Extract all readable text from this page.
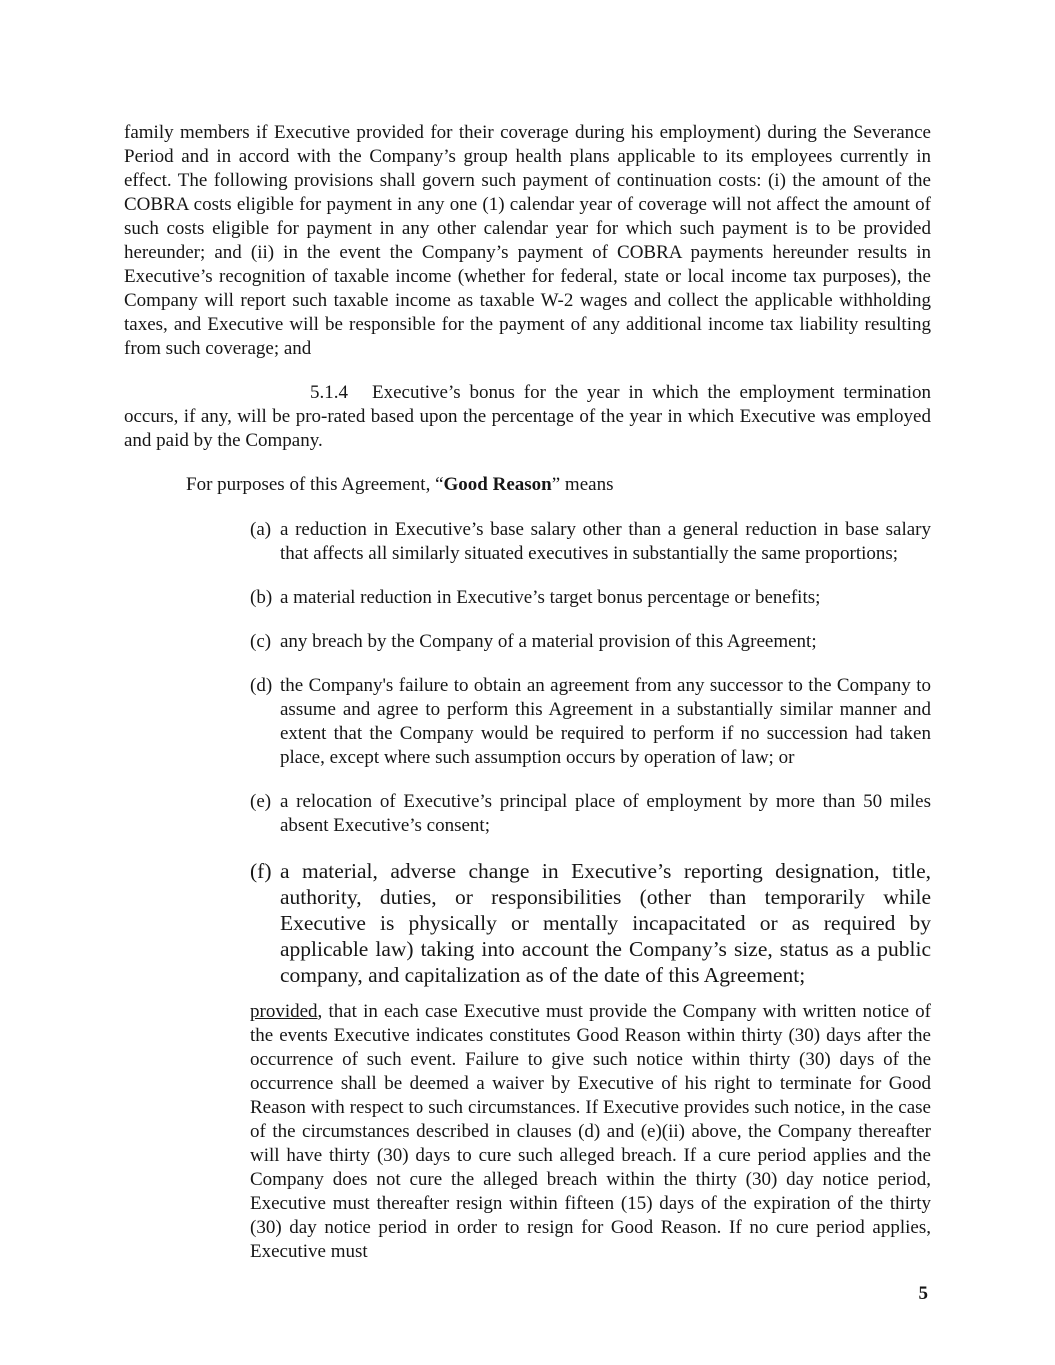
family members if Executive provided for their coverage during his employment) during the Severance Period and in accord with the Company’s group health plans applicable to its employees currently in effect. The following provisions shall govern such payment of continuation costs: (i) the amount of the COBRA costs eligible for payment in any one (1) calendar year of coverage will not affect the amount of such costs eligible for payment in any other calendar year for which such payment is to be provided hereunder; and (ii) in the event the Company’s payment of COBRA payments hereunder results in Executive’s recognition of taxable income (whether for federal, state or local income tax purposes), the Company will report such taxable income as taxable W-2 wages and collect the applicable withholding taxes, and Executive will be responsible for the payment of any additional income tax liability resulting from such coverage; and

5.1.4 Executive’s bonus for the year in which the employment termination occurs, if any, will be pro-rated based upon the percentage of the year in which Executive was employed and paid by the Company.

For purposes of this Agreement, “Good Reason” means

(a) a reduction in Executive’s base salary other than a general reduction in base salary that affects all similarly situated executives in substantially the same proportions;
(b) a material reduction in Executive’s target bonus percentage or benefits;
(c) any breach by the Company of a material provision of this Agreement;
(d) the Company's failure to obtain an agreement from any successor to the Company to assume and agree to perform this Agreement in a substantially similar manner and extent that the Company would be required to perform if no succession had taken place, except where such assumption occurs by operation of law; or
(e) a relocation of Executive’s principal place of employment by more than 50 miles absent Executive’s consent;
(f) a material, adverse change in Executive’s reporting designation, title, authority, duties, or responsibilities (other than temporarily while Executive is physically or mentally incapacitated or as required by applicable law) taking into account the Company’s size, status as a public company, and capitalization as of the date of this Agreement;

provided, that in each case Executive must provide the Company with written notice of the events Executive indicates constitutes Good Reason within thirty (30) days after the occurrence of such event. Failure to give such notice within thirty (30) days of the occurrence shall be deemed a waiver by Executive of his right to terminate for Good Reason with respect to such circumstances. If Executive provides such notice, in the case of the circumstances described in clauses (d) and (e)(ii) above, the Company thereafter will have thirty (30) days to cure such alleged breach. If a cure period applies and the Company does not cure the alleged breach within the thirty (30) day notice period, Executive must thereafter resign within fifteen (15) days of the expiration of the thirty (30) day notice period in order to resign for Good Reason. If no cure period applies, Executive must

5
